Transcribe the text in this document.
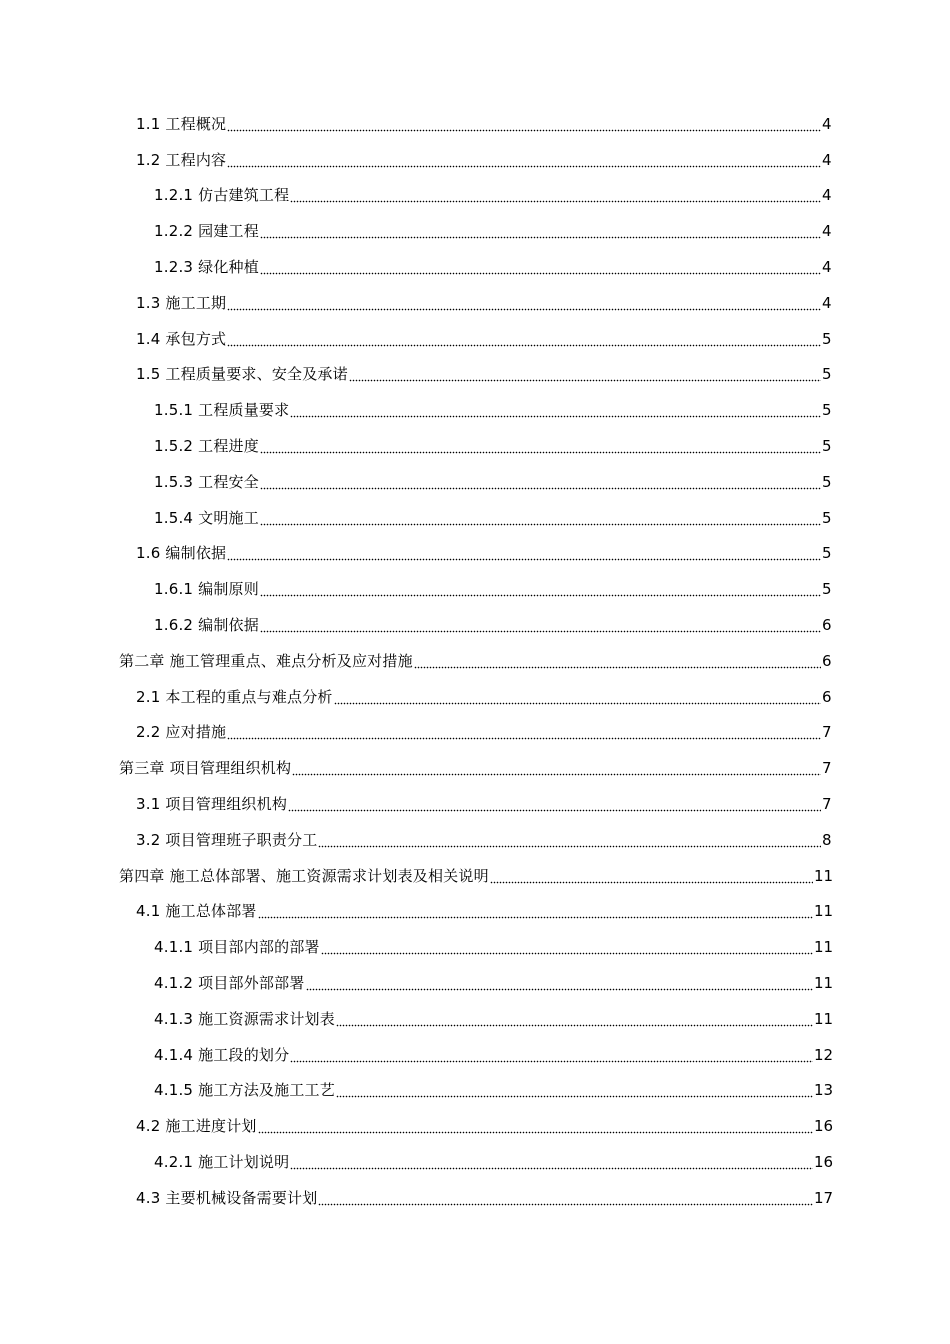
1.1 工程概况	4
1.2 工程内容	4
1.2.1 仿古建筑工程	4
1.2.2 园建工程	4
1.2.3 绿化种植	4
1.3 施工工期	4
1.4 承包方式	5
1.5 工程质量要求、安全及承诺	5
1.5.1 工程质量要求	5
1.5.2 工程进度	5
1.5.3 工程安全	5
1.5.4 文明施工	5
1.6 编制依据	5
1.6.1 编制原则	5
1.6.2 编制依据	6
第二章 施工管理重点、难点分析及应对措施	6
2.1 本工程的重点与难点分析	6
2.2 应对措施	7
第三章 项目管理组织机构	7
3.1 项目管理组织机构	7
3.2 项目管理班子职责分工	8
第四章 施工总体部署、施工资源需求计划表及相关说明	11
4.1 施工总体部署	11
4.1.1 项目部内部的部署	11
4.1.2 项目部外部部署	11
4.1.3 施工资源需求计划表	11
4.1.4 施工段的划分	12
4.1.5 施工方法及施工工艺	13
4.2 施工进度计划	16
4.2.1 施工计划说明	16
4.3 主要机械设备需要计划	17
